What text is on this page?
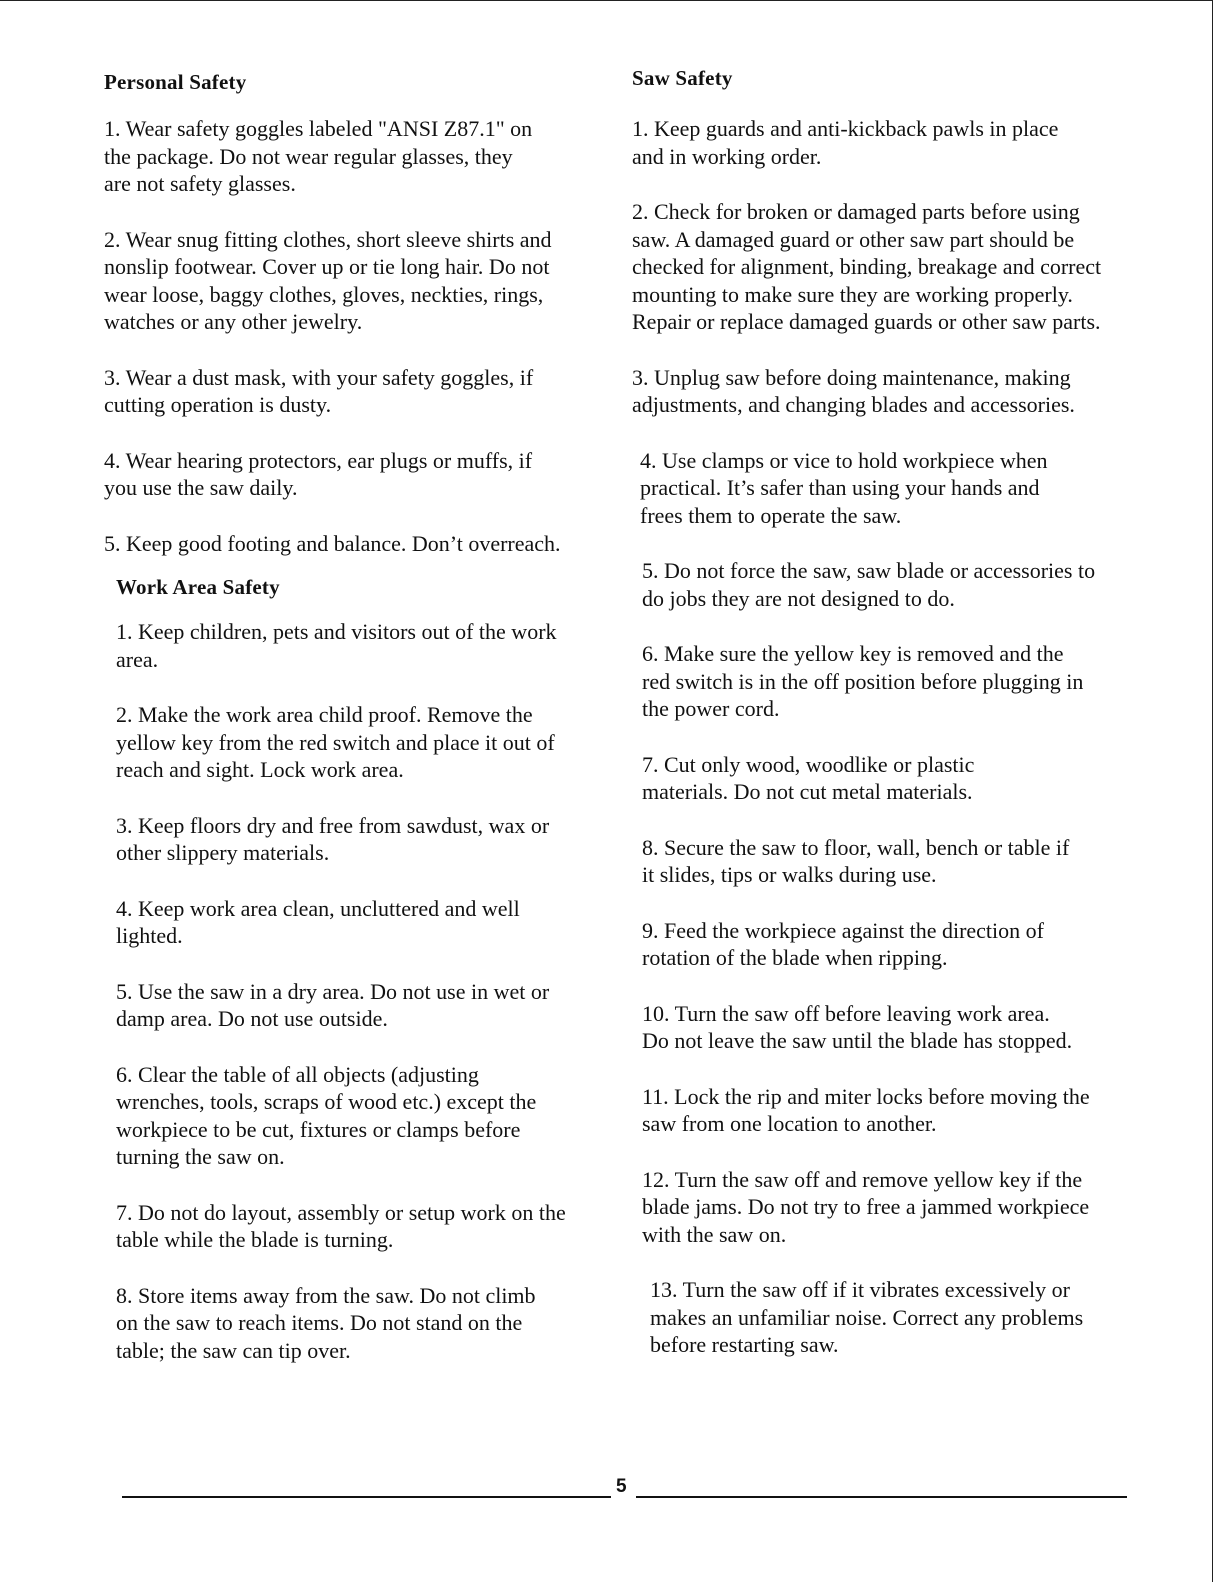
Personal Safety

1. Wear safety goggles labeled "ANSI Z87.1" on the package. Do not wear regular glasses, they are not safety glasses.

2. Wear snug fitting clothes, short sleeve shirts and nonslip footwear. Cover up or tie long hair. Do not wear loose, baggy clothes, gloves, neckties, rings, watches or any other jewelry.

3. Wear a dust mask, with your safety goggles, if cutting operation is dusty.

4. Wear hearing protectors, ear plugs or muffs, if you use the saw daily.

5. Keep good footing and balance. Don’t overreach.

Work Area Safety

1. Keep children, pets and visitors out of the work area.

2. Make the work area child proof. Remove the yellow key from the red switch and place it out of reach and sight. Lock work area.

3. Keep floors dry and free from sawdust, wax or other slippery materials.

4. Keep work area clean, uncluttered and well lighted.

5. Use the saw in a dry area. Do not use in wet or damp area. Do not use outside.

6. Clear the table of all objects (adjusting wrenches, tools, scraps of wood etc.) except the workpiece to be cut, fixtures or clamps before turning the saw on.

7. Do not do layout, assembly or setup work on the table while the blade is turning.

8. Store items away from the saw. Do not climb on the saw to reach items. Do not stand on the table; the saw can tip over.

Saw Safety

1. Keep guards and anti-kickback pawls in place and in working order.

2. Check for broken or damaged parts before using saw. A damaged guard or other saw part should be checked for alignment, binding, breakage and correct mounting to make sure they are working properly. Repair or replace damaged guards or other saw parts.

3. Unplug saw before doing maintenance, making adjustments, and changing blades and accessories.

4. Use clamps or vice to hold workpiece when practical. It’s safer than using your hands and frees them to operate the saw.

5. Do not force the saw, saw blade or accessories to do jobs they are not designed to do.

6. Make sure the yellow key is removed and the red switch is in the off position before plugging in the power cord.

7. Cut only wood, woodlike or plastic materials. Do not cut metal materials.

8. Secure the saw to floor, wall, bench or table if it slides, tips or walks during use.

9. Feed the workpiece against the direction of rotation of the blade when ripping.

10. Turn the saw off before leaving work area. Do not leave the saw until the blade has stopped.

11. Lock the rip and miter locks before moving the saw from one location to another.

12. Turn the saw off and remove yellow key if the blade jams. Do not try to free a jammed workpiece with the saw on.

13. Turn the saw off if it vibrates excessively or makes an unfamiliar noise. Correct any problems before restarting saw.

5
